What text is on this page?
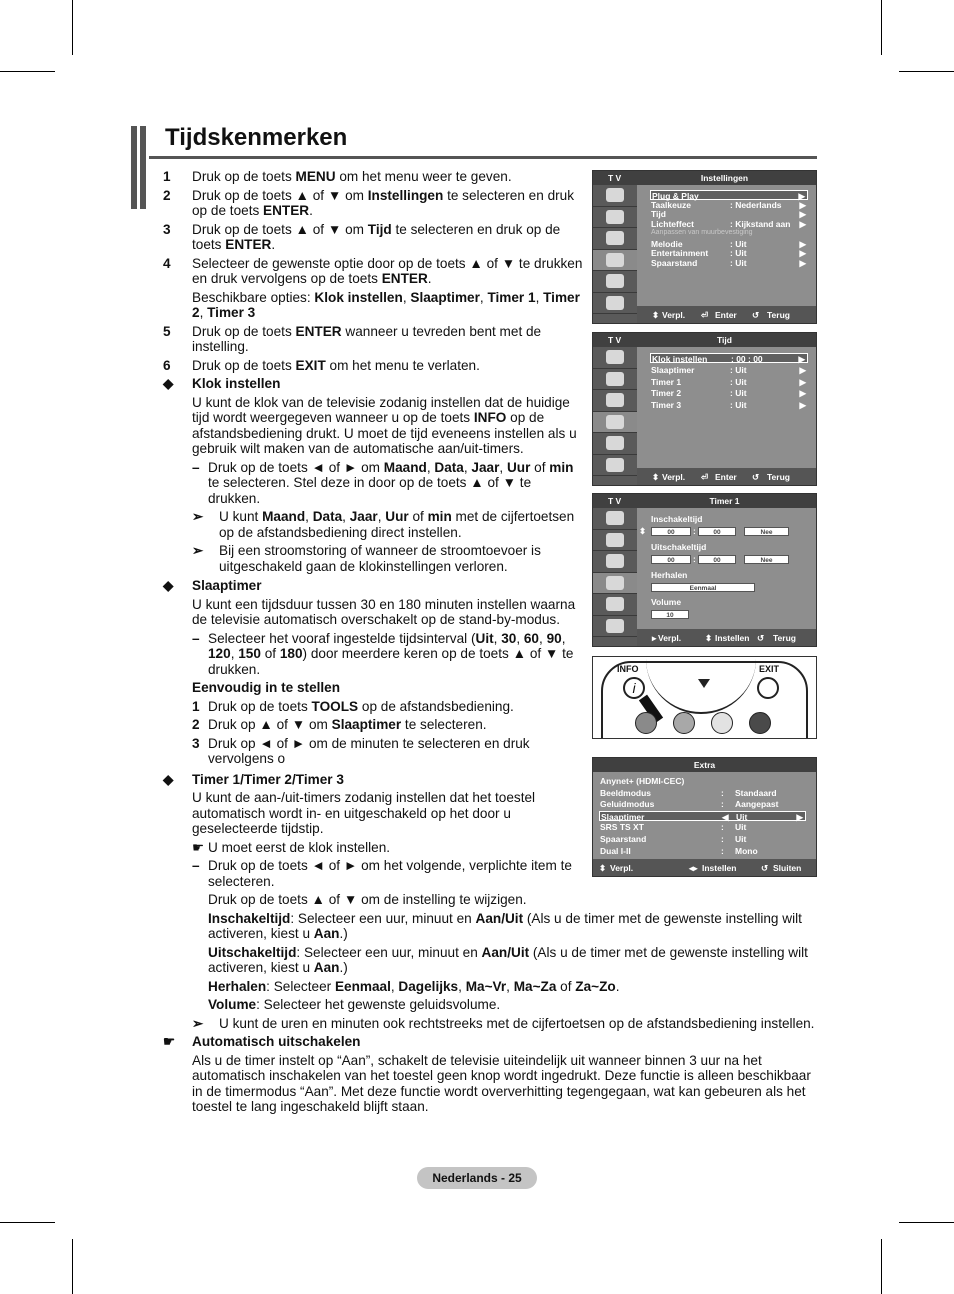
Tijdskenmerken
1 Druk op de toets MENU om het menu weer te geven.
2 Druk op de toets ▲ of ▼ om Instellingen te selecteren en druk op de toets ENTER.
3 Druk op de toets ▲ of ▼ om Tijd te selecteren en druk op de toets ENTER.
4 Selecteer de gewenste optie door op de toets ▲ of ▼ te drukken en druk vervolgens op de toets ENTER.
Beschikbare opties: Klok instellen, Slaaptimer, Timer 1, Timer 2, Timer 3
5 Druk op de toets ENTER wanneer u tevreden bent met de instelling.
6 Druk op de toets EXIT om het menu te verlaten.
◆ Klok instellen
U kunt de klok van de televisie zodanig instellen dat de huidige tijd wordt weergegeven wanneer u op de toets INFO op de afstandsbediening drukt. U moet de tijd eveneens instellen als u gebruik wilt maken van de automatische aan/uit-timers.
– Druk op de toets ◄ of ► om Maand, Data, Jaar, Uur of min te selecteren. Stel deze in door op de toets ▲ of ▼ te drukken.
➢ U kunt Maand, Data, Jaar, Uur of min met de cijfertoetsen op de afstandsbediening direct instellen.
➢ Bij een stroomstoring of wanneer de stroomtoevoer is uitgeschakeld gaan de klokinstellingen verloren.
◆ Slaaptimer
U kunt een tijdsduur tussen 30 en 180 minuten instellen waarna de televisie automatisch overschakelt op de stand-by-modus.
– Selecteer het vooraf ingestelde tijdsinterval (Uit, 30, 60, 90, 120, 150 of 180) door meerdere keren op de toets ▲ of ▼ te drukken.
Eenvoudig in te stellen
1 Druk op de toets TOOLS op de afstandsbediening.
2 Druk op ▲ of ▼ om Slaaptimer te selecteren.
3 Druk op ◄ of ► om de minuten te selecteren en druk vervolgens o
◆ Timer 1/Timer 2/Timer 3
U kunt de aan-/uit-timers zodanig instellen dat het toestel automatisch wordt in- en uitgeschakeld op het door u geselecteerde tijdstip.
☛ U moet eerst de klok instellen.
– Druk op de toets ◄ of ► om het volgende, verplichte item te selecteren.
Druk op de toets ▲ of ▼ om de instelling te wijzigen.
Inschakeltijd: Selecteer een uur, minuut en Aan/Uit (Als u de timer met de gewenste instelling wilt activeren, kiest u Aan.)
Uitschakeltijd: Selecteer een uur, minuut en Aan/Uit (Als u de timer met de gewenste instelling wilt activeren, kiest u Aan.)
Herhalen: Selecteer Eenmaal, Dagelijks, Ma~Vr, Ma~Za of Za~Zo.
Volume: Selecteer het gewenste geluidsvolume.
➢ U kunt de uren en minuten ook rechtstreeks met de cijfertoetsen op de afstandsbediening instellen.
☛ Automatisch uitschakelen
Als u de timer instelt op “Aan”, schakelt de televisie uiteindelijk uit wanneer binnen 3 uur na het automatisch inschakelen van het toestel geen knop wordt ingedrukt. Deze functie is alleen beschikbaar in de timermodus “Aan”. Met deze functie wordt oververhitting tegengegaan, wat kan gebeuren als het toestel te lang ingeschakeld blijft staan.
T V	Instellingen
Plug & Play	▶
Taalkeuze	: Nederlands ▶
Tijd	▶
Lichteffect	: Kijkstand aan ▶
Aanpassen van muurbevestiging
Melodie	: Uit	▶
Entertainment	: Uit	▶
Spaarstand	: Uit	▶
⬍ Verpl. ⏎ Enter ↺ Terug
T V	Tijd
Klok instellen	: 00 : 00	▶
Slaaptimer	: Uit	▶
Timer 1	: Uit	▶
Timer 2	: Uit	▶
Timer 3	: Uit	▶
⬍ Verpl. ⏎ Enter ↺ Terug
T V	Timer 1
Inschakeltijd
⬍	00	:	00	Nee
Uitschakeltijd
00	:	00	Nee
Herhalen
Eenmaal
Volume
10
▸ Verpl.	⬍ Instellen ↺ Terug
INFO	EXIT
i
Extra
Anynet+ (HDMI-CEC)
Beeldmodus	: Standaard
Geluidmodus	: Aangepast
Slaaptimer	◀ Uit	▶
SRS TS XT	: Uit
Spaarstand	: Uit
Dual I-II	: Mono
⬍ Verpl.	◂▸ Instellen	↺ Sluiten
Nederlands - 25
